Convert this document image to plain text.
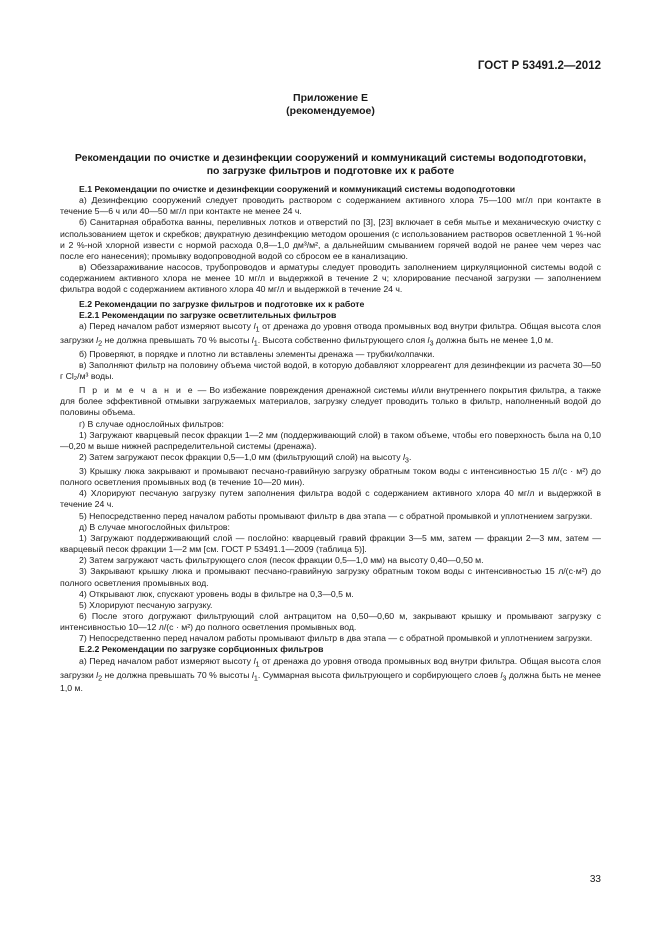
ГОСТ Р 53491.2—2012
Приложение Е
(рекомендуемое)
Рекомендации по очистке и дезинфекции сооружений и коммуникаций системы водоподготовки,
по загрузке фильтров и подготовке их к работе

Е.1 Рекомендации по очистке и дезинфекции сооружений и коммуникаций системы водоподготовки

а) Дезинфекцию сооружений следует проводить раствором с содержанием активного хлора 75—100 мг/л при контакте в течение 5—6 ч или 40—50 мг/л при контакте не менее 24 ч.

б) Санитарная обработка ванны, переливных лотков и отверстий по [3], [23] включает в себя мытье и механическую очистку с использованием щеток и скребков; двукратную дезинфекцию методом орошения (с использованием растворов осветленной 1 %-ной и 2 %-ной хлорной извести с нормой расхода 0,8—1,0 дм³/м², а дальнейшим смыванием горячей водой не ранее чем через час после его нанесения); промывку водопроводной водой со сбросом ее в канализацию.

в) Обеззараживание насосов, трубопроводов и арматуры следует проводить заполнением циркуляционной системы водой с содержанием активного хлора не менее 10 мг/л и выдержкой в течение 2 ч; хлорирование песчаной загрузки — заполнением фильтра водой с содержанием активного хлора 40 мг/л и выдержкой в течение 24 ч.

Е.2 Рекомендации по загрузке фильтров и подготовке их к работе

Е.2.1 Рекомендации по загрузке осветлительных фильтров

а) Перед началом работ измеряют высоту $l_1$ от дренажа до уровня отвода промывных вод внутри фильтра. Общая высота слоя загрузки $l_2$ не должна превышать 70 % высоты $l_1$. Высота собственно фильтрующего слоя $l_3$ должна быть не менее 1,0 м.

б) Проверяют, в порядке и плотно ли вставлены элементы дренажа — трубки/колпачки.

в) Заполняют фильтр на половину объема чистой водой, в которую добавляют хлорреагент для дезинфекции из расчета 30—50 г Cl₂/м³ воды.

П р и м е ч а н и е — Во избежание повреждения дренажной системы и/или внутреннего покрытия фильтра, а также для более эффективной отмывки загружаемых материалов, загрузку следует проводить только в фильтр, наполненный водой до половины объема.

г) В случае однослойных фильтров:

1) Загружают кварцевый песок фракции 1—2 мм (поддерживающий слой) в таком объеме, чтобы его поверхность была на 0,10—0,20 м выше нижней распределительной системы (дренажа).

2) Затем загружают песок фракции 0,5—1,0 мм (фильтрующий слой) на высоту $l_3$.

3) Крышку люка закрывают и промывают песчано-гравийную загрузку обратным током воды с интенсивностью 15 л/(с · м²) до полного осветления промывных вод (в течение 10—20 мин).

4) Хлорируют песчаную загрузку путем заполнения фильтра водой с содержанием активного хлора 40 мг/л и выдержкой в течение 24 ч.

5) Непосредственно перед началом работы промывают фильтр в два этапа — с обратной промывкой и уплотнением загрузки.

д) В случае многослойных фильтров:

1) Загружают поддерживающий слой — послойно: кварцевый гравий фракции 3—5 мм, затем — фракции 2—3 мм, затем — кварцевый песок фракции 1—2 мм [см. ГОСТ Р 53491.1—2009 (таблица 5)].

2) Затем загружают часть фильтрующего слоя (песок фракции 0,5—1,0 мм) на высоту 0,40—0,50 м.

3) Закрывают крышку люка и промывают песчано-гравийную загрузку обратным током воды с интенсивностью 15 л/(с·м²) до полного осветления промывных вод.

4) Открывают люк, спускают уровень воды в фильтре на 0,3—0,5 м.

5) Хлорируют песчаную загрузку.

6) После этого догружают фильтрующий слой антрацитом на 0,50—0,60 м, закрывают крышку и промывают загрузку с интенсивностью 10—12 л/(с · м²) до полного осветления промывных вод.

7) Непосредственно перед началом работы промывают фильтр в два этапа — с обратной промывкой и уплотнением загрузки.

Е.2.2 Рекомендации по загрузке сорбционных фильтров

а) Перед началом работ измеряют высоту $l_1$ от дренажа до уровня отвода промывных вод внутри фильтра. Общая высота слоя загрузки $l_2$ не должна превышать 70 % высоты $l_1$. Суммарная высота фильтрующего и сорбирующего слоев $l_3$ должна быть не менее 1,0 м.

33
